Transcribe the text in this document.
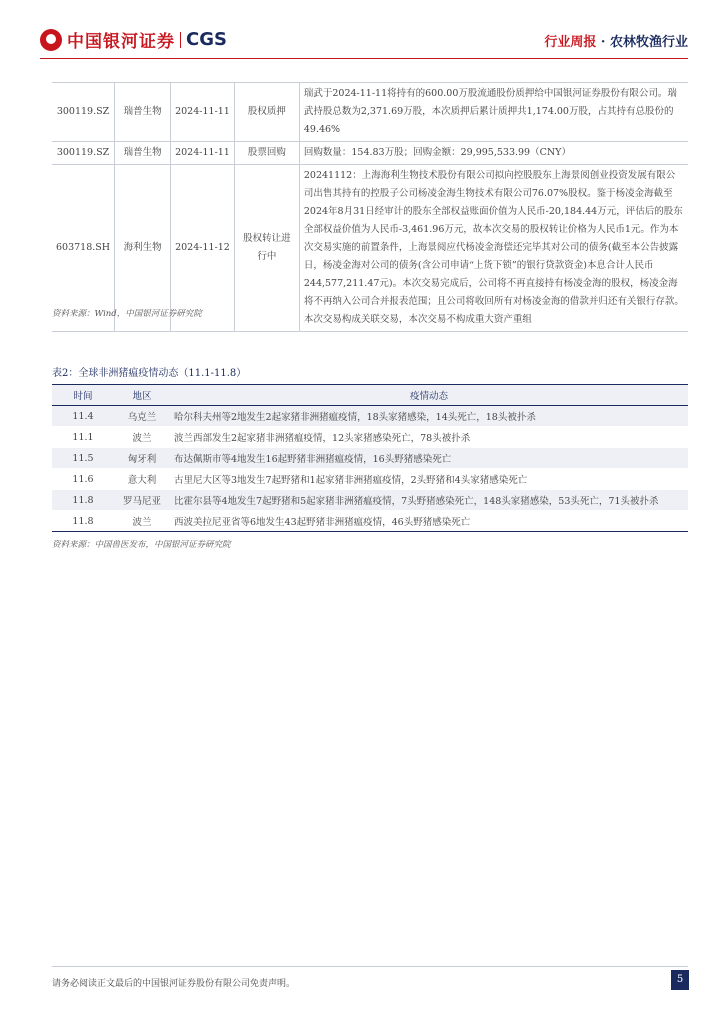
中国银河证券 CGS	行业周报 · 农林牧渔行业
300119.SZ	瑞普生物	2024-11-11	股权质押	瑞武于2024-11-11将持有的600.00万股流通股份质押给中国银河证券股份有限公司。瑞武持股总数为2,371.69万股，本次质押后累计质押共1,174.00万股，占其持有总股份的49.46%
300119.SZ	瑞普生物	2024-11-11	股票回购	回购数量：154.83万股；回购金额：29,995,533.99（CNY）
603718.SH	海利生物	2024-11-12	股权转让进行中	20241112：上海海利生物技术股份有限公司拟向控股股东上海景阅创业投资发展有限公司出售其持有的控股子公司杨凌金海生物技术有限公司76.07%股权。鉴于杨凌金海截至2024年8月31日经审计的股东全部权益账面价值为人民币-20,184.44万元，评估后的股东全部权益价值为人民币-3,461.96万元，故本次交易的股权转让价格为人民币1元。作为本次交易实施的前置条件，上海景阅应代杨凌金海偿还完毕其对公司的债务(截至本公告披露日，杨凌金海对公司的债务(含公司申请“上货下锁”的银行贷款资金)本息合计人民币244,577,211.47元)。本次交易完成后，公司将不再直接持有杨凌金海的股权，杨凌金海将不再纳入公司合并报表范围；且公司将收回所有对杨凌金海的借款并归还有关银行存款。本次交易构成关联交易，本次交易不构成重大资产重组
资料来源：Wind，中国银河证券研究院
表2：全球非洲猪瘟疫情动态（11.1-11.8）
时间	地区	疫情动态
11.4	乌克兰	哈尔科夫州等2地发生2起家猪非洲猪瘟疫情，18头家猪感染，14头死亡，18头被扑杀
11.1	波兰	波兰西部发生2起家猪非洲猪瘟疫情，12头家猪感染死亡，78头被扑杀
11.5	匈牙利	布达佩斯市等4地发生16起野猪非洲猪瘟疫情，16头野猪感染死亡
11.6	意大利	古里尼大区等3地发生7起野猪和1起家猪非洲猪瘟疫情，2头野猪和4头家猪感染死亡
11.8	罗马尼亚	比霍尔县等4地发生7起野猪和5起家猪非洲猪瘟疫情，7头野猪感染死亡，148头家猪感染，53头死亡，71头被扑杀
11.8	波兰	西波美拉尼亚省等6地发生43起野猪非洲猪瘟疫情，46头野猪感染死亡
资料来源：中国兽医发布，中国银河证券研究院
请务必阅读正文最后的中国银河证券股份有限公司免责声明。	5
